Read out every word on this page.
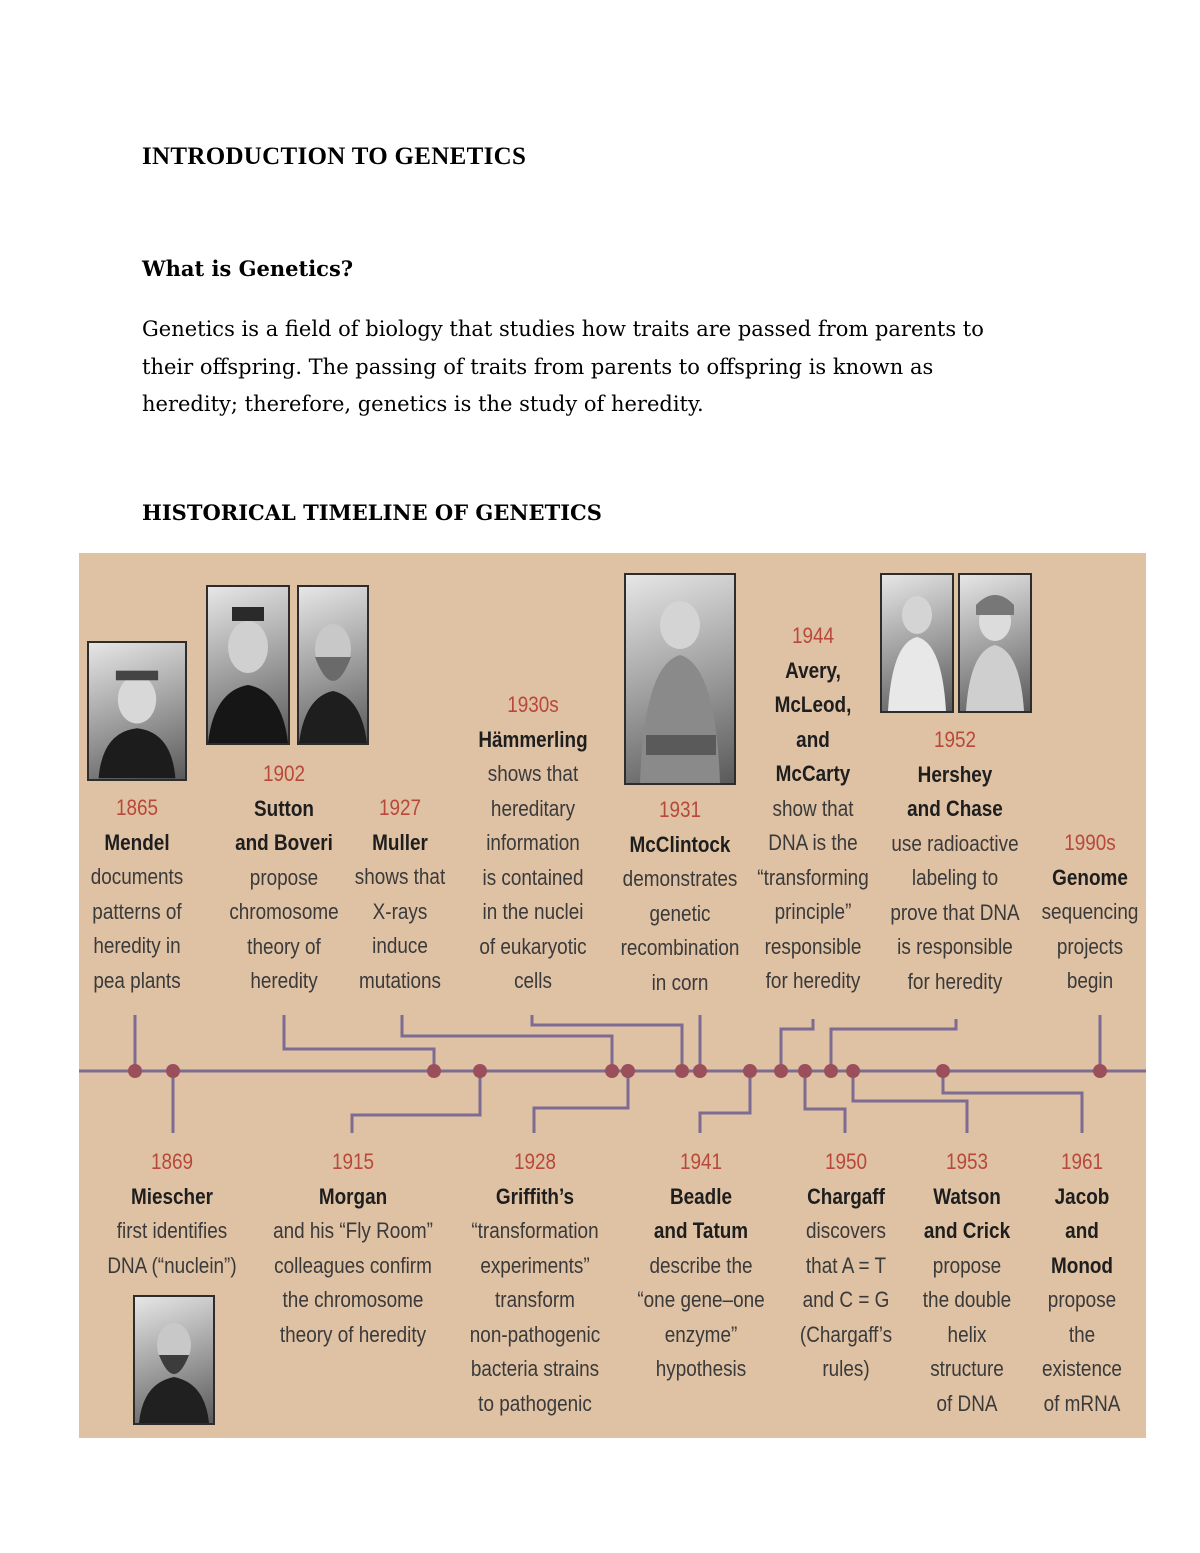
INTRODUCTION TO GENETICS
What is Genetics?
Genetics is a field of biology that studies how traits are passed from parents to
their offspring. The passing of traits from parents to offspring is known as
heredity; therefore, genetics is the study of heredity.
HISTORICAL TIMELINE OF GENETICS
1865
Mendel
documents
patterns of
heredity in
pea plants
1902
Sutton
and Boveri
propose
chromosome
theory of
heredity
1927
Muller
shows that
X-rays
induce
mutations
1930s
Hämmerling
shows that
hereditary
information
is contained
in the nuclei
of eukaryotic
cells
1931
McClintock
demonstrates
genetic
recombination
in corn
1944
Avery,
McLeod,
and
McCarty
show that
DNA is the
“transforming
principle”
responsible
for heredity
1952
Hershey
and Chase
use radioactive
labeling to
prove that DNA
is responsible
for heredity
1990s
Genome
sequencing
projects
begin
1869
Miescher
first identifies
DNA (“nuclein”)
1915
Morgan
and his “Fly Room”
colleagues confirm
the chromosome
theory of heredity
1928
Griffith’s
“transformation
experiments”
transform
non-pathogenic
bacteria strains
to pathogenic
1941
Beadle
and Tatum
describe the
“one gene–one
enzyme”
hypothesis
1950
Chargaff
discovers
that A = T
and C = G
(Chargaff’s
rules)
1953
Watson
and Crick
propose
the double
helix
structure
of DNA
1961
Jacob
and
Monod
propose
the
existence
of mRNA
